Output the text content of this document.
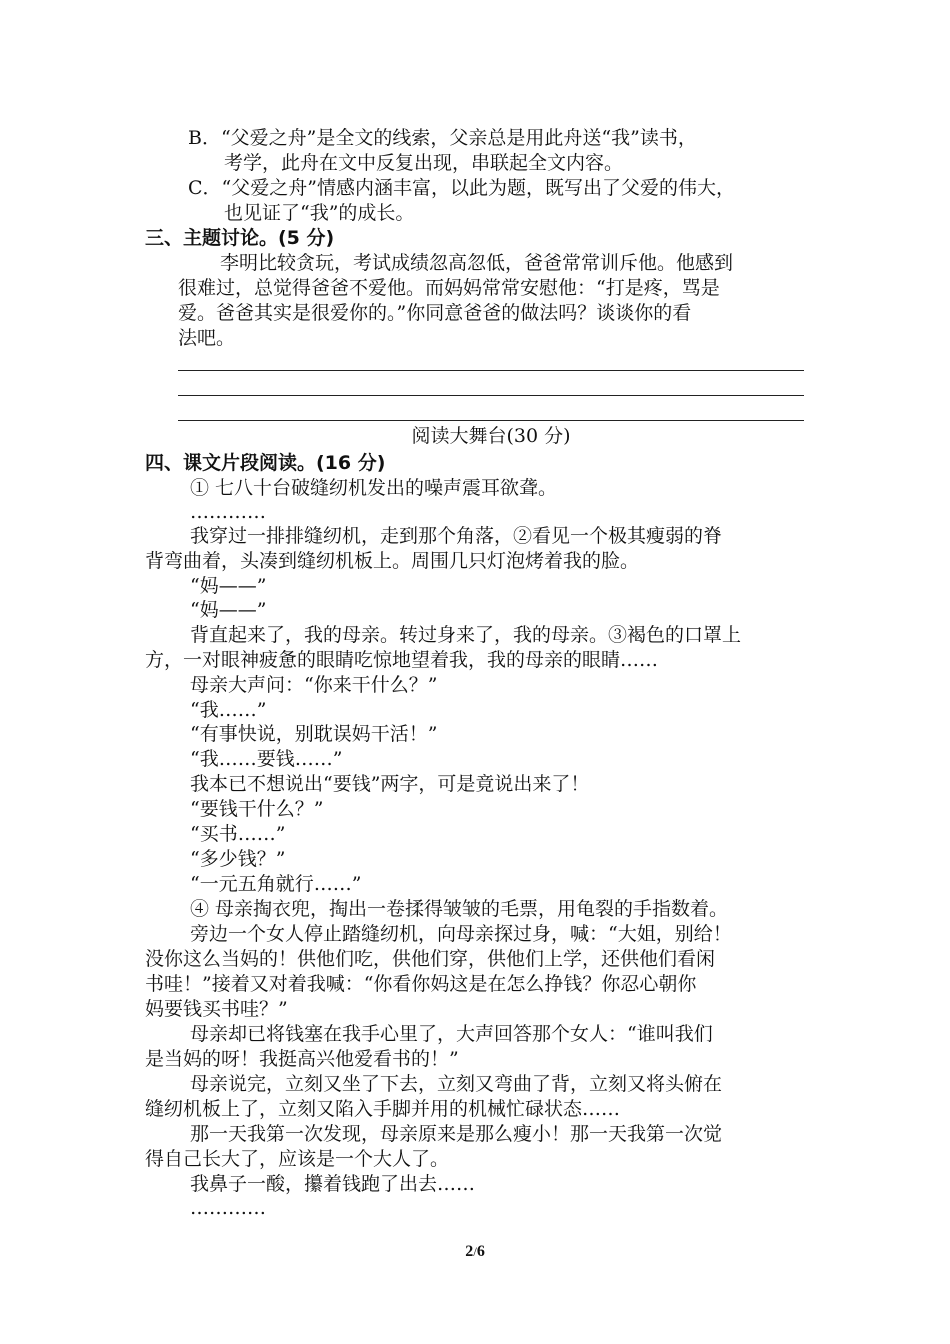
B．“父爱之舟”是全文的线索，父亲总是用此舟送“我”读书，
考学，此舟在文中反复出现，串联起全文内容。
C．“父爱之舟”情感内涵丰富，以此为题，既写出了父爱的伟大，
也见证了“我”的成长。
三、主题讨论。(5 分)
李明比较贪玩，考试成绩忽高忽低，爸爸常常训斥他。他感到
很难过，总觉得爸爸不爱他。而妈妈常常安慰他：“打是疼，骂是
爱。爸爸其实是很爱你的。”你同意爸爸的做法吗？谈谈你的看
法吧。
阅读大舞台(30 分)
四、课文片段阅读。(16 分)
① 七八十台破缝纫机发出的噪声震耳欲聋。
…………
我穿过一排排缝纫机，走到那个角落，②看见一个极其瘦弱的脊
背弯曲着，头凑到缝纫机板上。周围几只灯泡烤着我的脸。
“妈——”
“妈——”
背直起来了，我的母亲。转过身来了，我的母亲。③褐色的口罩上
方，一对眼神疲惫的眼睛吃惊地望着我，我的母亲的眼睛……
母亲大声问：“你来干什么？”
“我……”
“有事快说，别耽误妈干活！”
“我……要钱……”
我本已不想说出“要钱”两字，可是竟说出来了！
“要钱干什么？”
“买书……”
“多少钱？”
“一元五角就行……”
④ 母亲掏衣兜，掏出一卷揉得皱皱的毛票，用龟裂的手指数着。
旁边一个女人停止踏缝纫机，向母亲探过身，喊：“大姐，别给！
没你这么当妈的！供他们吃，供他们穿，供他们上学，还供他们看闲
书哇！”接着又对着我喊：“你看你妈这是在怎么挣钱？你忍心朝你
妈要钱买书哇？”
母亲却已将钱塞在我手心里了，大声回答那个女人：“谁叫我们
是当妈的呀！我挺高兴他爱看书的！”
母亲说完，立刻又坐了下去，立刻又弯曲了背，立刻又将头俯在
缝纫机板上了，立刻又陷入手脚并用的机械忙碌状态……
那一天我第一次发现，母亲原来是那么瘦小！那一天我第一次觉
得自己长大了，应该是一个大人了。
我鼻子一酸，攥着钱跑了出去……
…………
2/6
